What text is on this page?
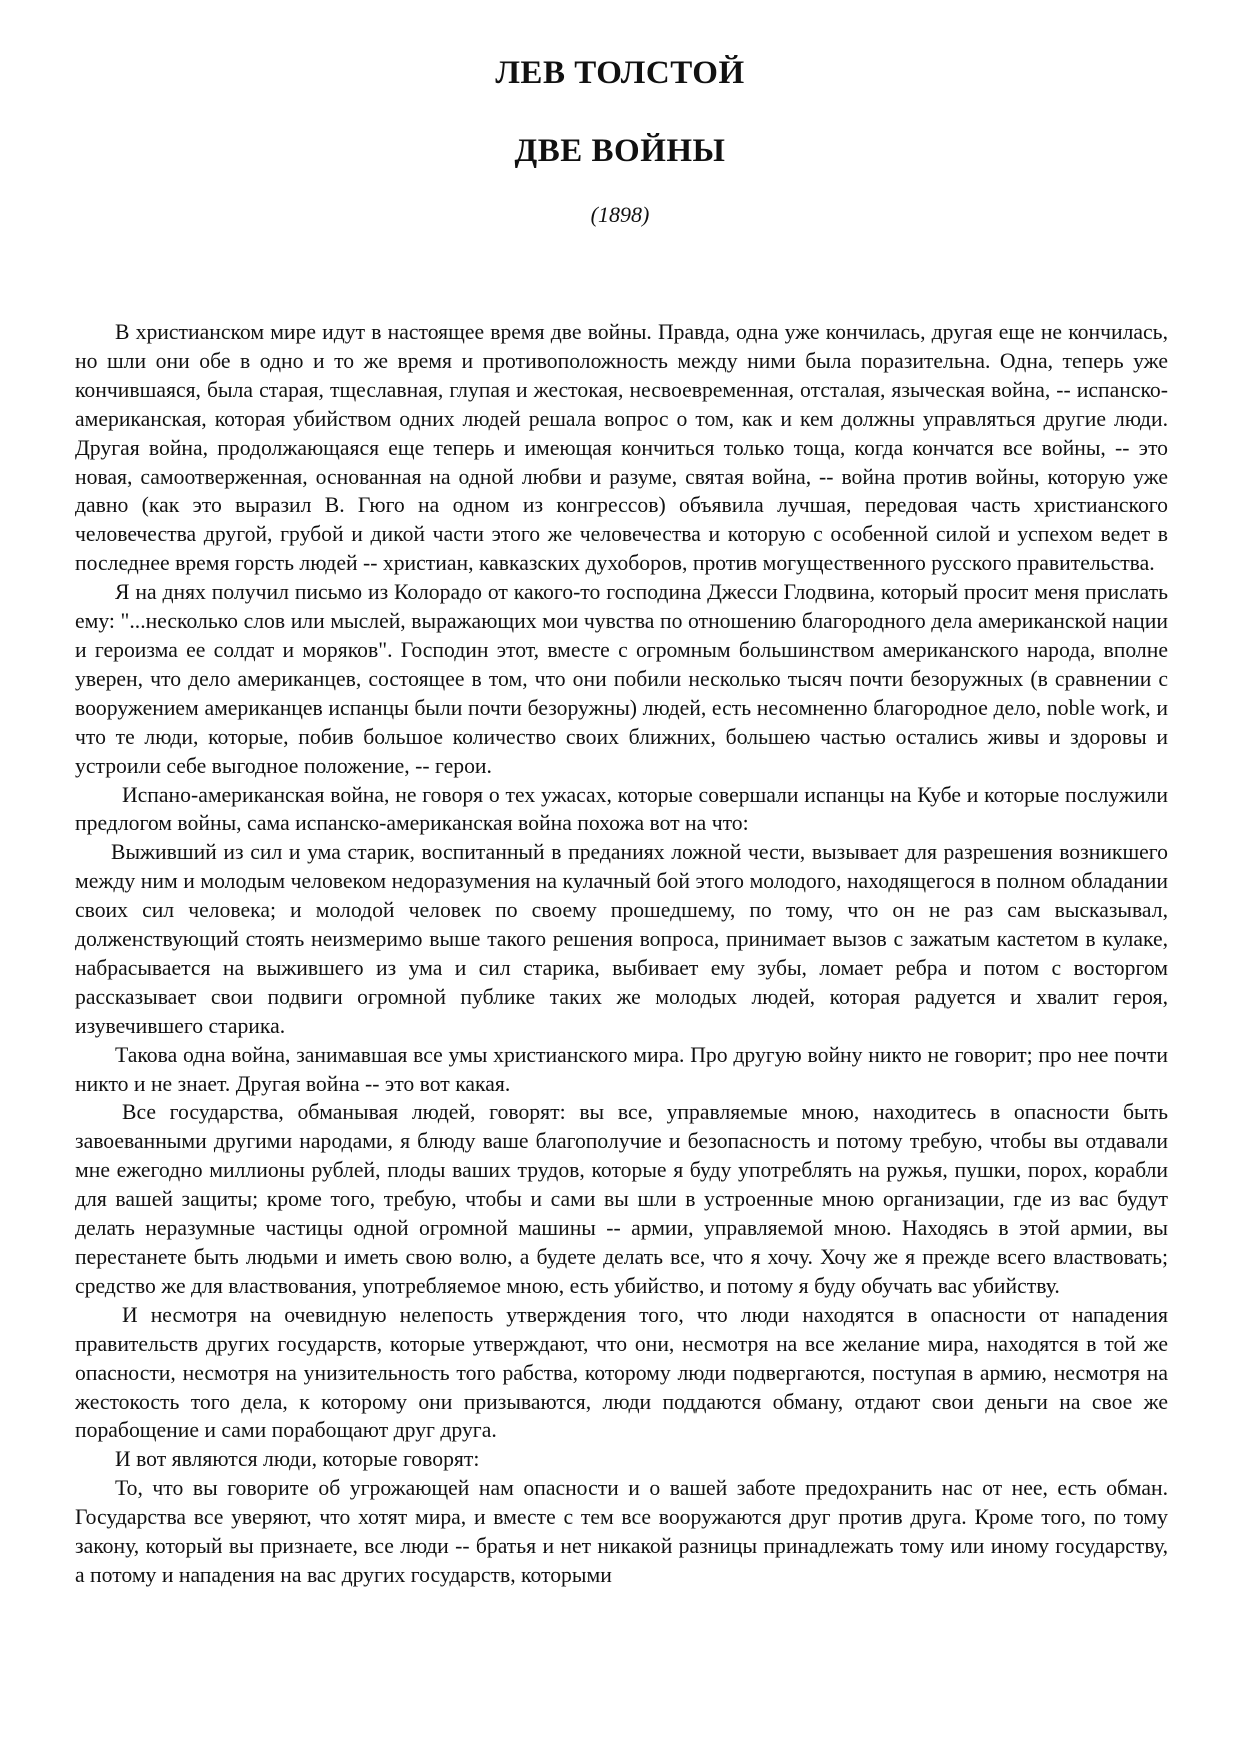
ЛЕВ ТОЛСТОЙ
ДВЕ ВОЙНЫ
(1898)

В христианском мире идут в настоящее время две войны. Правда, одна уже кончилась, другая еще не кончилась, но шли они обе в одно и то же время и противоположность между ними была поразительна. Одна, теперь уже кончившаяся, была старая, тщеславная, глупая и жестокая, несвоевременная, отсталая, языческая война, -- испанско-американская, которая убийством одних людей решала вопрос о том, как и кем должны управляться другие люди. Другая война, продолжающаяся еще теперь и имеющая кончиться только тоща, когда кончатся все войны, -- это новая, самоотверженная, основанная на одной любви и разуме, святая война, -- война против войны, которую уже давно (как это выразил В. Гюго на одном из конгрессов) объявила лучшая, передовая часть христианского человечества другой, грубой и дикой части этого же человечества и которую с особенной силой и успехом ведет в последнее время горсть людей -- христиан, кавказских духоборов, против могущественного русского правительства.

Я на днях получил письмо из Колорадо от какого-то господина Джесси Глодвина, который просит меня прислать ему: "...несколько слов или мыслей, выражающих мои чувства по отношению благородного дела американской нации и героизма ее солдат и моряков". Господин этот, вместе с огромным большинством американского народа, вполне уверен, что дело американцев, состоящее в том, что они побили несколько тысяч почти безоружных (в сравнении с вооружением американцев испанцы были почти безоружны) людей, есть несомненно благородное дело, noble work, и что те люди, которые, побив большое количество своих ближних, большею частью остались живы и здоровы и устроили себе выгодное положение, -- герои.

Испано-американская война, не говоря о тех ужасах, которые совершали испанцы на Кубе и которые послужили предлогом войны, сама испанско-американская война похожа вот на что:

Выживший из сил и ума старик, воспитанный в преданиях ложной чести, вызывает для разрешения возникшего между ним и молодым человеком недоразумения на кулачный бой этого молодого, находящегося в полном обладании своих сил человека; и молодой человек по своему прошедшему, по тому, что он не раз сам высказывал, долженствующий стоять неизмеримо выше такого решения вопроса, принимает вызов с зажатым кастетом в кулаке, набрасывается на выжившего из ума и сил старика, выбивает ему зубы, ломает ребра и потом с восторгом рассказывает свои подвиги огромной публике таких же молодых людей, которая радуется и хвалит героя, изувечившего старика.

Такова одна война, занимавшая все умы христианского мира. Про другую войну никто не говорит; про нее почти никто и не знает. Другая война -- это вот какая.

Все государства, обманывая людей, говорят: вы все, управляемые мною, находитесь в опасности быть завоеванными другими народами, я блюду ваше благополучие и безопасность и потому требую, чтобы вы отдавали мне ежегодно миллионы рублей, плоды ваших трудов, которые я буду употреблять на ружья, пушки, порох, корабли для вашей защиты; кроме того, требую, чтобы и сами вы шли в устроенные мною организации, где из вас будут делать неразумные частицы одной огромной машины -- армии, управляемой мною. Находясь в этой армии, вы перестанете быть людьми и иметь свою волю, а будете делать все, что я хочу. Хочу же я прежде всего властвовать; средство же для властвования, употребляемое мною, есть убийство, и потому я буду обучать вас убийству.

И несмотря на очевидную нелепость утверждения того, что люди находятся в опасности от нападения правительств других государств, которые утверждают, что они, несмотря на все желание мира, находятся в той же опасности, несмотря на унизительность того рабства, которому люди подвергаются, поступая в армию, несмотря на жестокость того дела, к которому они призываются, люди поддаются обману, отдают свои деньги на свое же порабощение и сами порабощают друг друга.

И вот являются люди, которые говорят:

То, что вы говорите об угрожающей нам опасности и о вашей заботе предохранить нас от нее, есть обман. Государства все уверяют, что хотят мира, и вместе с тем все вооружаются друг против друга. Кроме того, по тому закону, который вы признаете, все люди -- братья и нет никакой разницы принадлежать тому или иному государству, а потому и нападения на вас других государств, которыми
